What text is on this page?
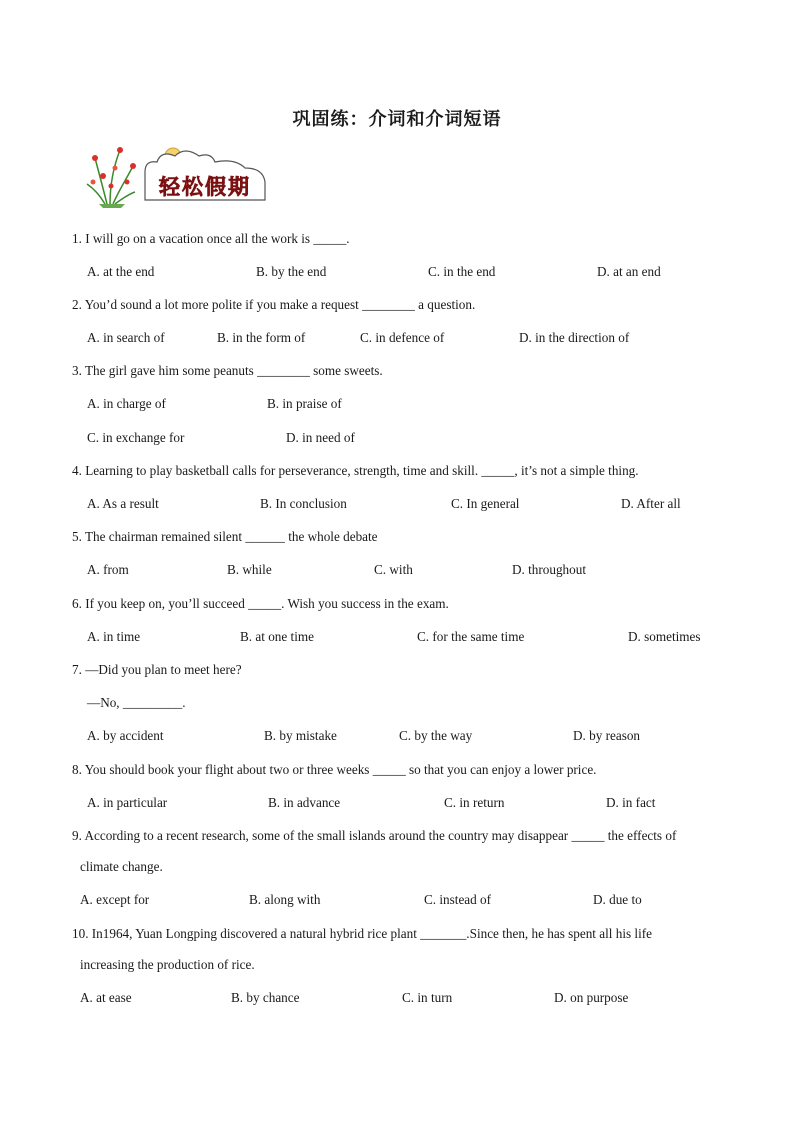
巩固练：介词和介词短语
轻松假期
1. I will go on a vacation once all the work is _____.
A. at the end	B. by the end	C. in the end	D. at an end
2. You’d sound a lot more polite if you make a request ________ a question.
A. in search of	B. in the form of	C. in defence of	D. in the direction of
3. The girl gave him some peanuts ________ some sweets.
A. in charge of	B. in praise of
C. in exchange for	D. in need of
4. Learning to play basketball calls for perseverance, strength, time and skill. _____, it’s not a simple thing.
A. As a result	B. In conclusion	C. In general	D. After all
5. The chairman remained silent ______ the whole debate
A. from	B. while	C. with	D. throughout
6. If you keep on, you’ll succeed _____. Wish you success in the exam.
A. in time	B. at one time	C. for the same time	D. sometimes
7. —Did you plan to meet here?
—No, _________.
A. by accident	B. by mistake	C. by the way	D. by reason
8. You should book your flight about two or three weeks _____ so that you can enjoy a lower price.
A. in particular	B. in advance	C. in return	D. in fact
9. According to a recent research, some of the small islands around the country may disappear _____ the effects of
climate change.
A. except for	B. along with	C. instead of	D. due to
10. In1964, Yuan Longping discovered a natural hybrid rice plant _______.Since then, he has spent all his life
increasing the production of rice.
A. at ease	B. by chance	C. in turn	D. on purpose
